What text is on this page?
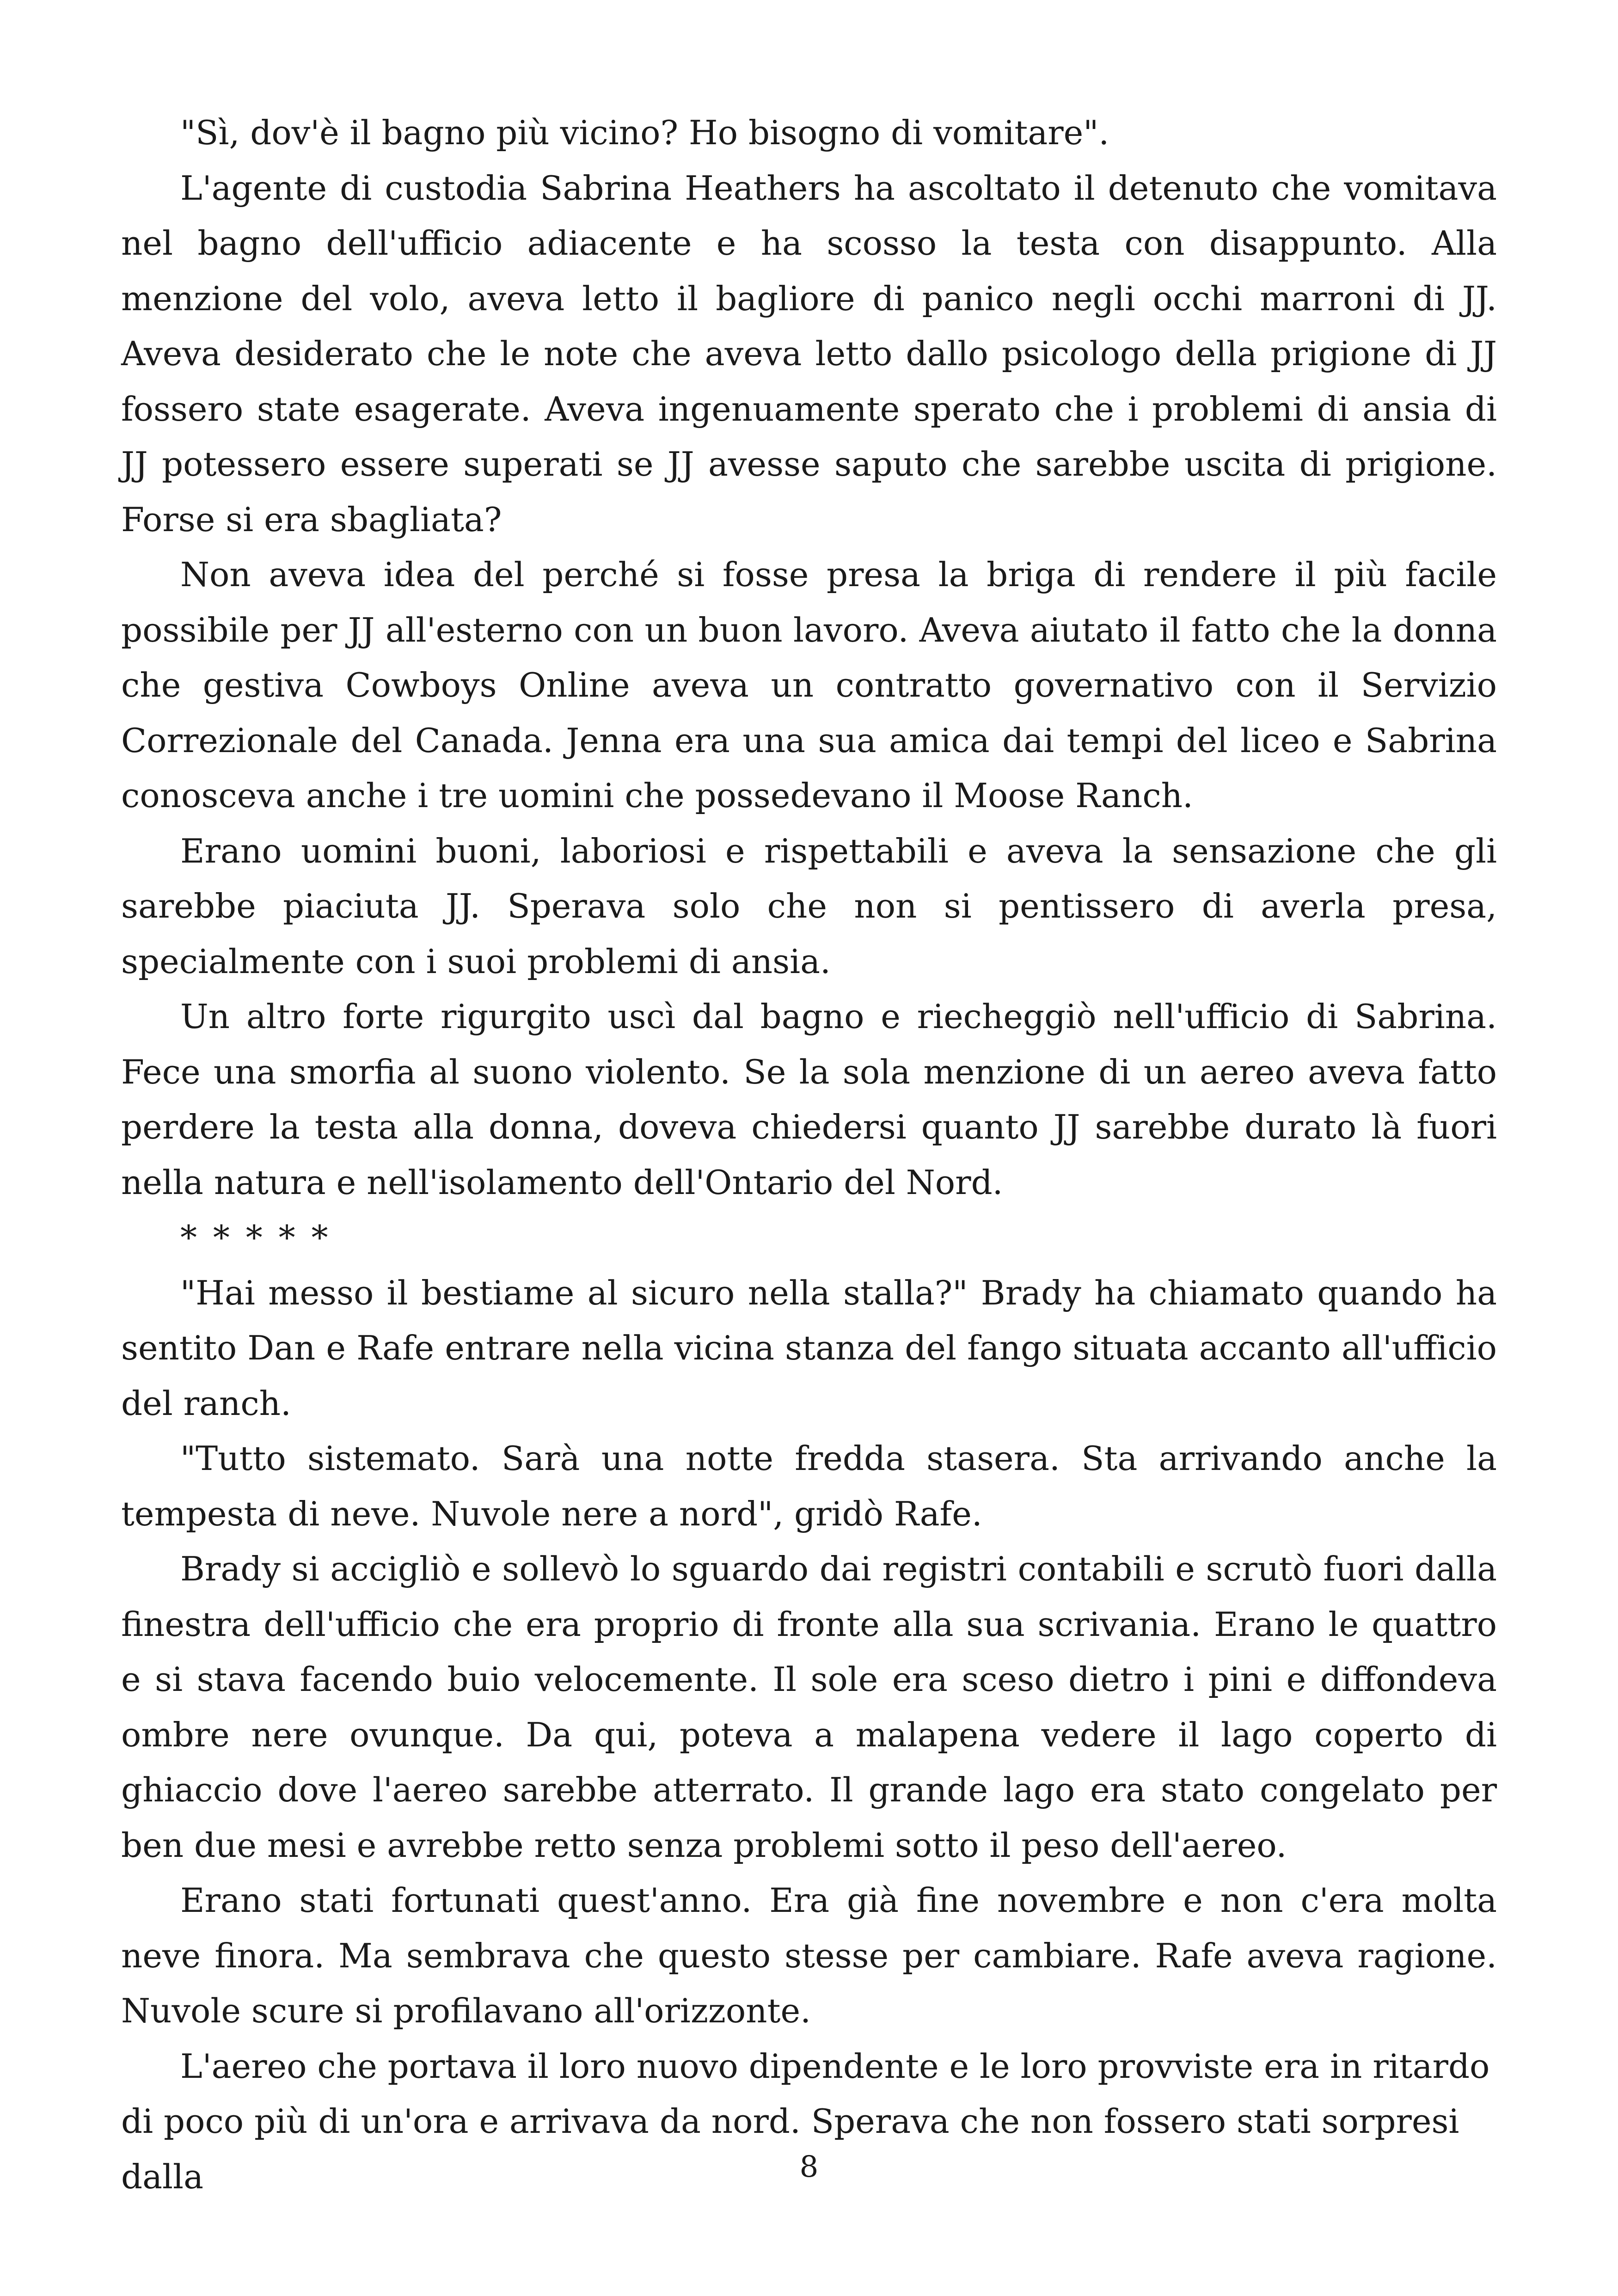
"Sì, dov'è il bagno più vicino? Ho bisogno di vomitare".

L'agente di custodia Sabrina Heathers ha ascoltato il detenuto che vomitava nel bagno dell'ufficio adiacente e ha scosso la testa con disappunto. Alla menzione del volo, aveva letto il bagliore di panico negli occhi marroni di JJ. Aveva desiderato che le note che aveva letto dallo psicologo della prigione di JJ fossero state esagerate. Aveva ingenuamente sperato che i problemi di ansia di JJ potessero essere superati se JJ avesse saputo che sarebbe uscita di prigione. Forse si era sbagliata?

Non aveva idea del perché si fosse presa la briga di rendere il più facile possibile per JJ all'esterno con un buon lavoro. Aveva aiutato il fatto che la donna che gestiva Cowboys Online aveva un contratto governativo con il Servizio Correzionale del Canada. Jenna era una sua amica dai tempi del liceo e Sabrina conosceva anche i tre uomini che possedevano il Moose Ranch.

Erano uomini buoni, laboriosi e rispettabili e aveva la sensazione che gli sarebbe piaciuta JJ. Sperava solo che non si pentissero di averla presa, specialmente con i suoi problemi di ansia.

Un altro forte rigurgito uscì dal bagno e riecheggiò nell'ufficio di Sabrina. Fece una smorfia al suono violento. Se la sola menzione di un aereo aveva fatto perdere la testa alla donna, doveva chiedersi quanto JJ sarebbe durato là fuori nella natura e nell'isolamento dell'Ontario del Nord.

* * * * *

"Hai messo il bestiame al sicuro nella stalla?" Brady ha chiamato quando ha sentito Dan e Rafe entrare nella vicina stanza del fango situata accanto all'ufficio del ranch.

"Tutto sistemato. Sarà una notte fredda stasera. Sta arrivando anche la tempesta di neve. Nuvole nere a nord", gridò Rafe.

Brady si accigliò e sollevò lo sguardo dai registri contabili e scrutò fuori dalla finestra dell'ufficio che era proprio di fronte alla sua scrivania. Erano le quattro e si stava facendo buio velocemente. Il sole era sceso dietro i pini e diffondeva ombre nere ovunque. Da qui, poteva a malapena vedere il lago coperto di ghiaccio dove l'aereo sarebbe atterrato. Il grande lago era stato congelato per ben due mesi e avrebbe retto senza problemi sotto il peso dell'aereo.

Erano stati fortunati quest'anno. Era già fine novembre e non c'era molta neve finora. Ma sembrava che questo stesse per cambiare. Rafe aveva ragione. Nuvole scure si profilavano all'orizzonte.

L'aereo che portava il loro nuovo dipendente e le loro provviste era in ritardo di poco più di un'ora e arrivava da nord. Sperava che non fossero stati sorpresi dalla	8
